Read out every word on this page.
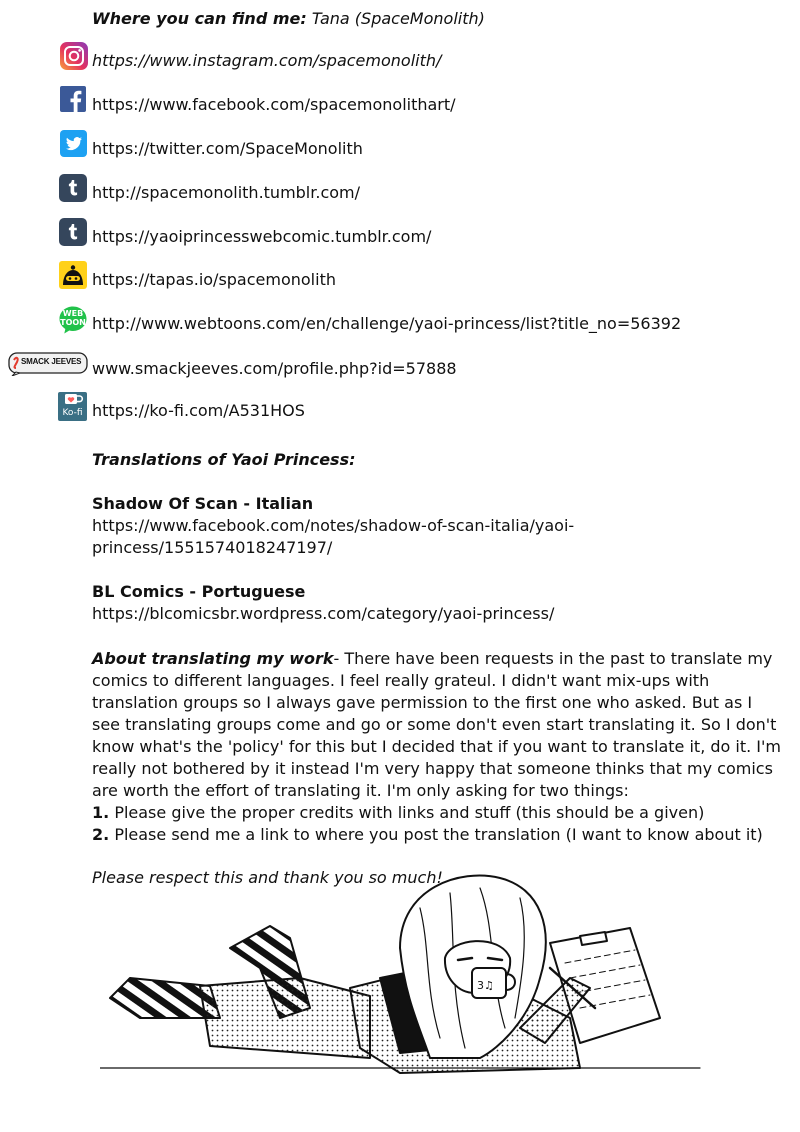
Where you can find me: Tana (SpaceMonolith)
https://www.instagram.com/spacemonolith/
https://www.facebook.com/spacemonolithart/
https://twitter.com/SpaceMonolith
http://spacemonolith.tumblr.com/
https://yaoiprincesswebcomic.tumblr.com/
https://tapas.io/spacemonolith
WEB TOON http://www.webtoons.com/en/challenge/yaoi-princess/list?title_no=56392
SMACK JEEVES www.smackjeeves.com/profile.php?id=57888
Ko-fi https://ko-fi.com/A531HOS
Translations of Yaoi Princess:
Shadow Of Scan - Italian
https://www.facebook.com/notes/shadow-of-scan-italia/yaoi-
princess/1551574018247197/
BL Comics - Portuguese
https://blcomicsbr.wordpress.com/category/yaoi-princess/
About translating my work- There have been requests in the past to translate my comics to different languages. I feel really grateul. I didn't want mix-ups with translation groups so I always gave permission to the first one who asked. But as I see translating groups come and go or some don't even start translating it. So I don't know what's the 'policy' for this but I decided that if you want to translate it, do it. I'm really not bothered by it instead I'm very happy that someone thinks that my comics are worth the effort of translating it. I'm only asking for two things:
1. Please give the proper credits with links and stuff (this should be a given)
2. Please send me a link to where you post the translation (I want to know about it)
Please respect this and thank you so much!
3♫
